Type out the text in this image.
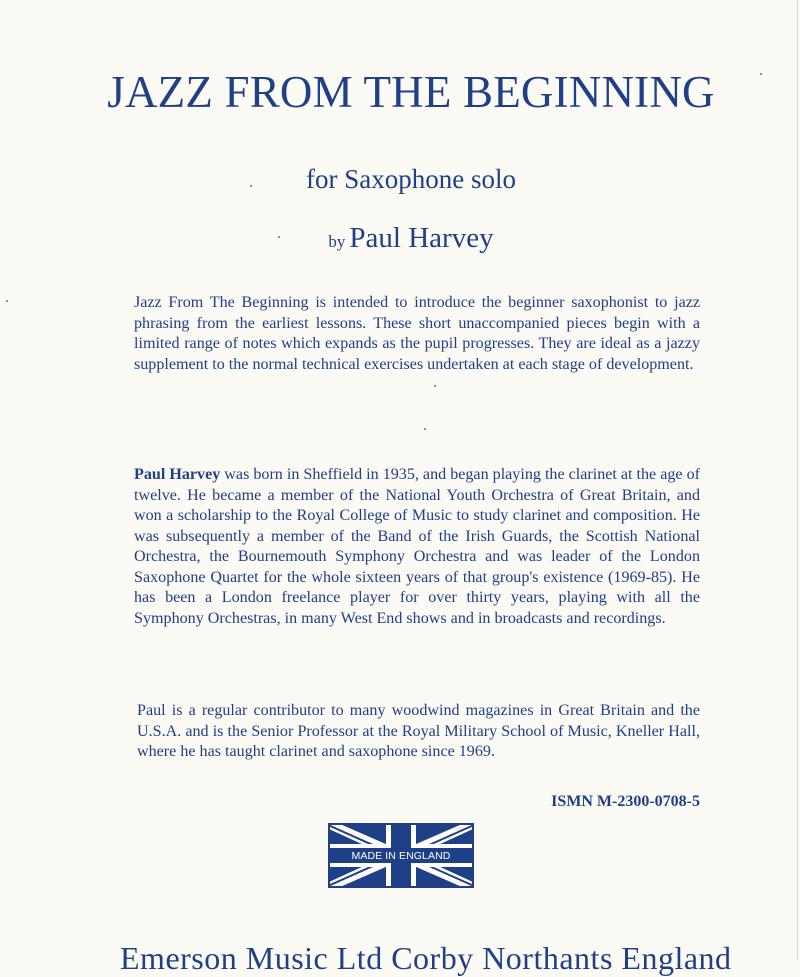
JAZZ FROM THE BEGINNING

for Saxophone solo

by Paul Harvey

Jazz From The Beginning is intended to introduce the beginner saxophonist to jazz phrasing from the earliest lessons. These short unaccompanied pieces begin with a limited range of notes which expands as the pupil progresses. They are ideal as a jazzy supplement to the normal technical exercises undertaken at each stage of development.

Paul Harvey was born in Sheffield in 1935, and began playing the clarinet at the age of twelve. He became a member of the National Youth Orchestra of Great Britain, and won a scholarship to the Royal College of Music to study clarinet and composition. He was subsequently a member of the Band of the Irish Guards, the Scottish National Orchestra, the Bournemouth Symphony Orchestra and was leader of the London Saxophone Quartet for the whole sixteen years of that group's existence (1969-85). He has been a London freelance player for over thirty years, playing with all the Symphony Orchestras, in many West End shows and in broadcasts and recordings.

Paul is a regular contributor to many woodwind magazines in Great Britain and the U.S.A. and is the Senior Professor at the Royal Military School of Music, Kneller Hall, where he has taught clarinet and saxophone since 1969.

ISMN M-2300-0708-5

MADE IN ENGLAND

Emerson Music Ltd Corby Northants England
